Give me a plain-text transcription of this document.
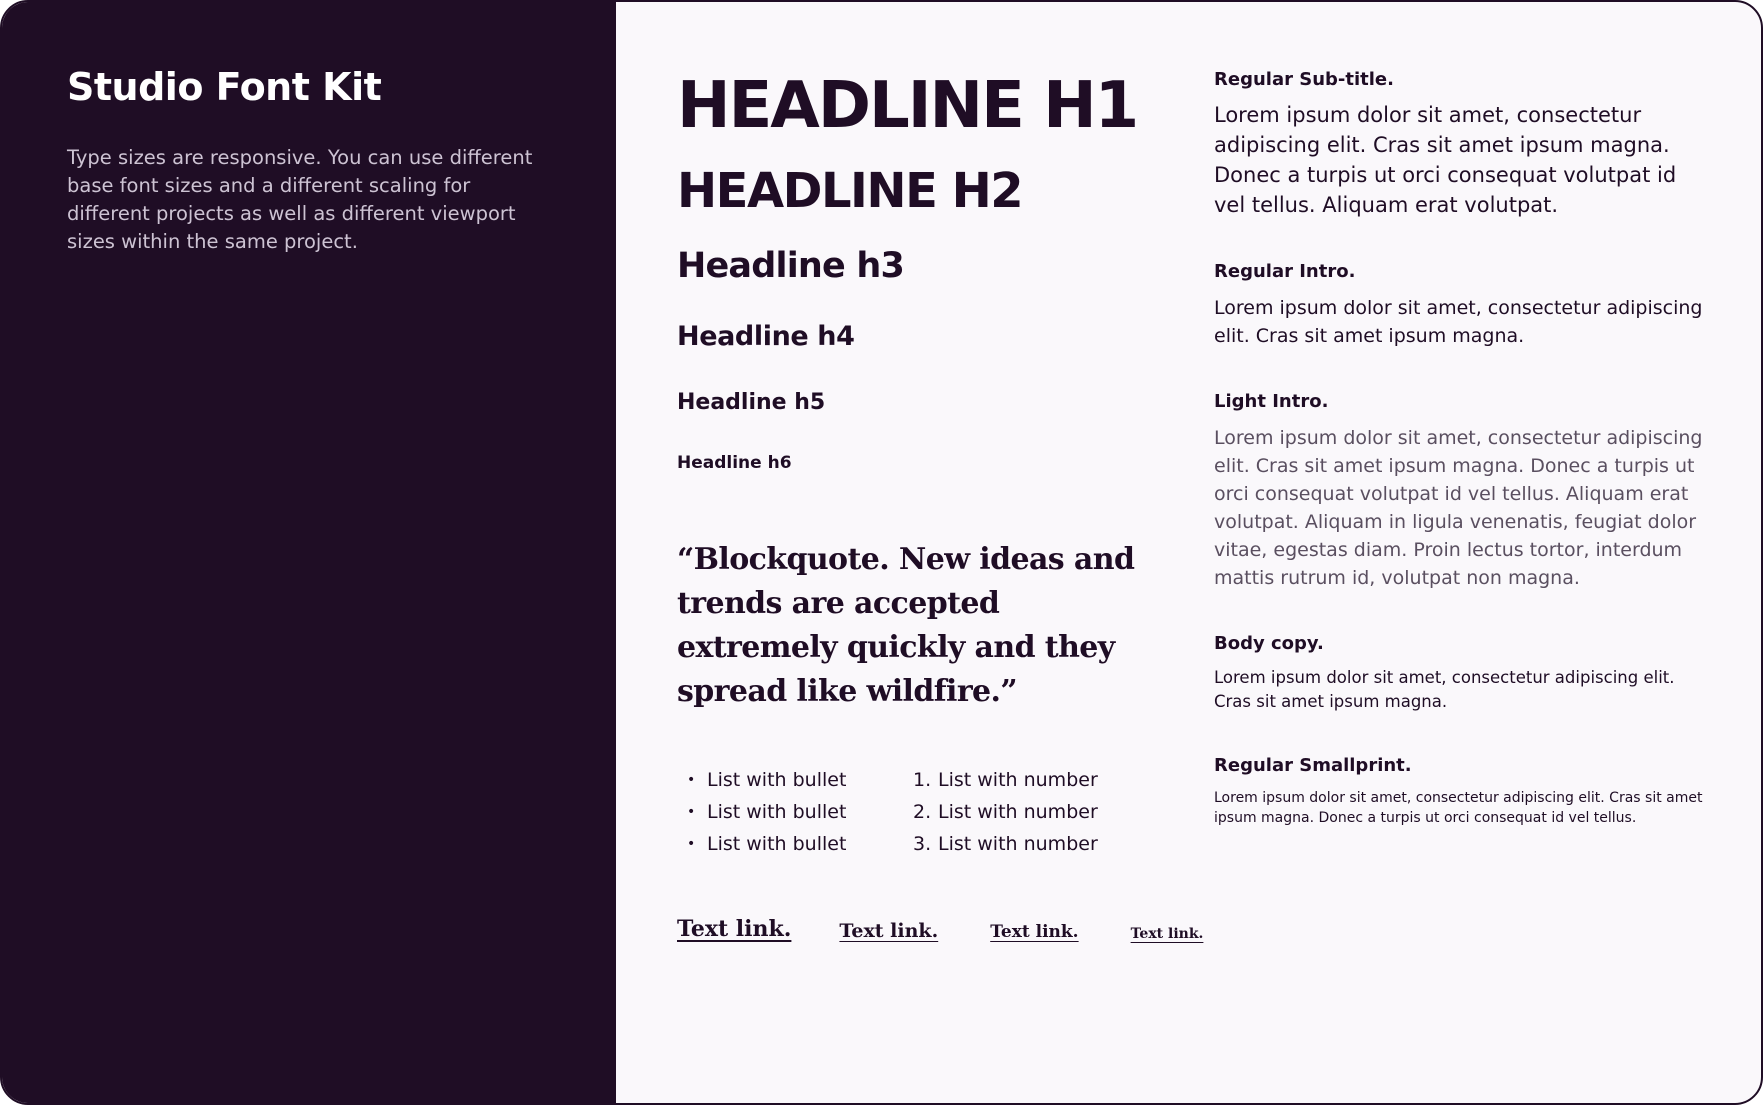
Studio Font Kit

Type sizes are responsive. You can use different base font sizes and a different scaling for different projects as well as different viewport sizes within the same project.

HEADLINE H1
HEADLINE H2
Headline h3
Headline h4
Headline h5
Headline h6
“Blockquote. New ideas and trends are accepted extremely quickly and they spread like wildfire.”
• List with bullet
• List with bullet
• List with bullet
1. List with number
2. List with number
3. List with number
Text link.	Text link.	Text link.	Text link.
Regular Sub-title.

Lorem ipsum dolor sit amet, consectetur adipiscing elit. Cras sit amet ipsum magna. Donec a turpis ut orci consequat volutpat id vel tellus. Aliquam erat volutpat.

Regular Intro.

Lorem ipsum dolor sit amet, consectetur adipiscing elit. Cras sit amet ipsum magna.

Light Intro.

Lorem ipsum dolor sit amet, consectetur adipiscing elit. Cras sit amet ipsum magna. Donec a turpis ut orci consequat volutpat id vel tellus. Aliquam erat volutpat. Aliquam in ligula venenatis, feugiat dolor vitae, egestas diam. Proin lectus tortor, interdum mattis rutrum id, volutpat non magna.

Body copy.

Lorem ipsum dolor sit amet, consectetur adipiscing elit. Cras sit amet ipsum magna.

Regular Smallprint.

Lorem ipsum dolor sit amet, consectetur adipiscing elit. Cras sit amet ipsum magna. Donec a turpis ut orci consequat id vel tellus.
